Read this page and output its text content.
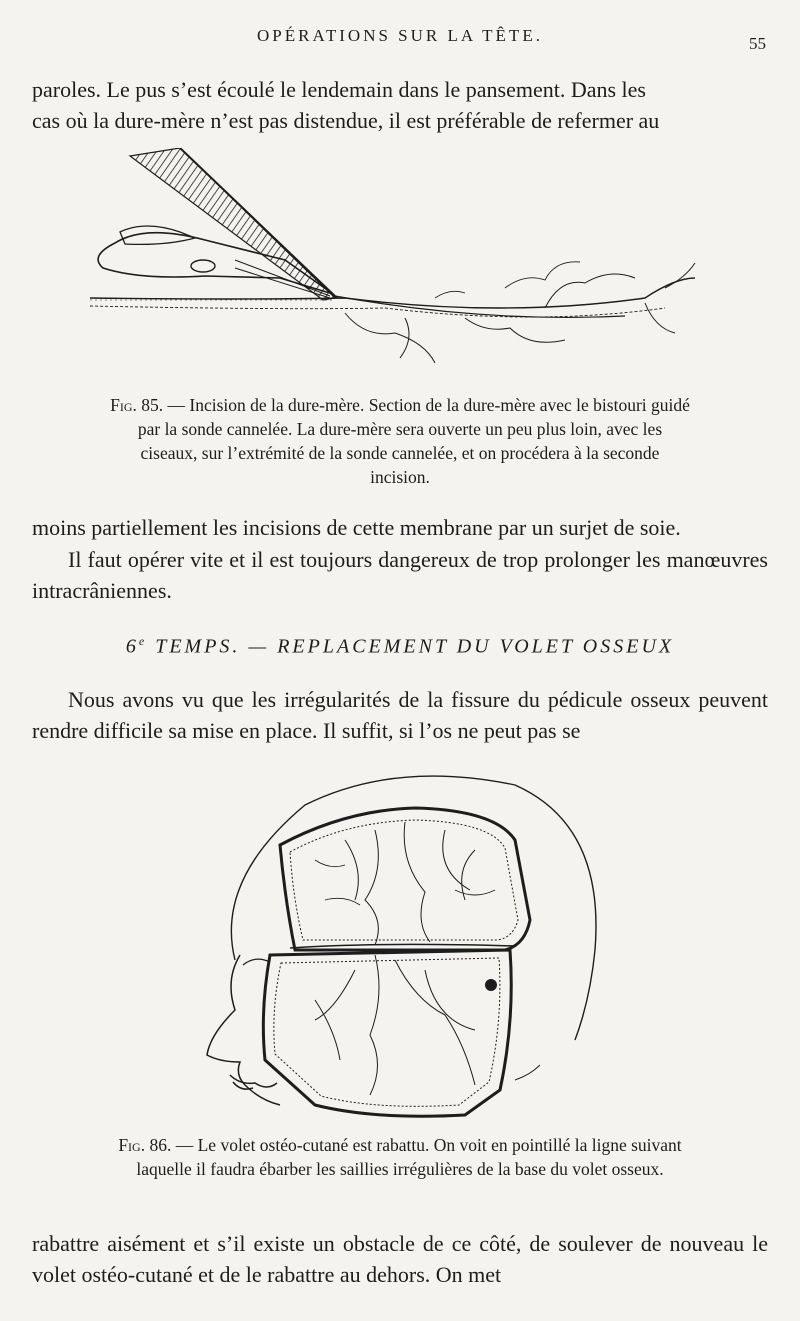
OPÉRATIONS SUR LA TÊTE.	55

paroles. Le pus s’est écoulé le lendemain dans le pansement. Dans les

cas où la dure-mère n’est pas distendue, il est préférable de refermer au

Fig. 85. — Incision de la dure-mère. Section de la dure-mère avec le bistouri guidé par la sonde cannelée. La dure-mère sera ouverte un peu plus loin, avec les ciseaux, sur l’extrémité de la sonde cannelée, et on procédera à la seconde incision.

moins partiellement les incisions de cette membrane par un surjet de soie.

Il faut opérer vite et il est toujours dangereux de trop prolonger les manœuvres intracrâniennes.

6e TEMPS. — REPLACEMENT DU VOLET OSSEUX

Nous avons vu que les irrégularités de la fissure du pédicule osseux peuvent rendre difficile sa mise en place. Il suffit, si l’os ne peut pas se

Fig. 86. — Le volet ostéo-cutané est rabattu. On voit en pointillé la ligne suivant laquelle il faudra ébarber les saillies irrégulières de la base du volet osseux.

rabattre aisément et s’il existe un obstacle de ce côté, de soulever de nouveau le volet ostéo-cutané et de le rabattre au dehors. On met
